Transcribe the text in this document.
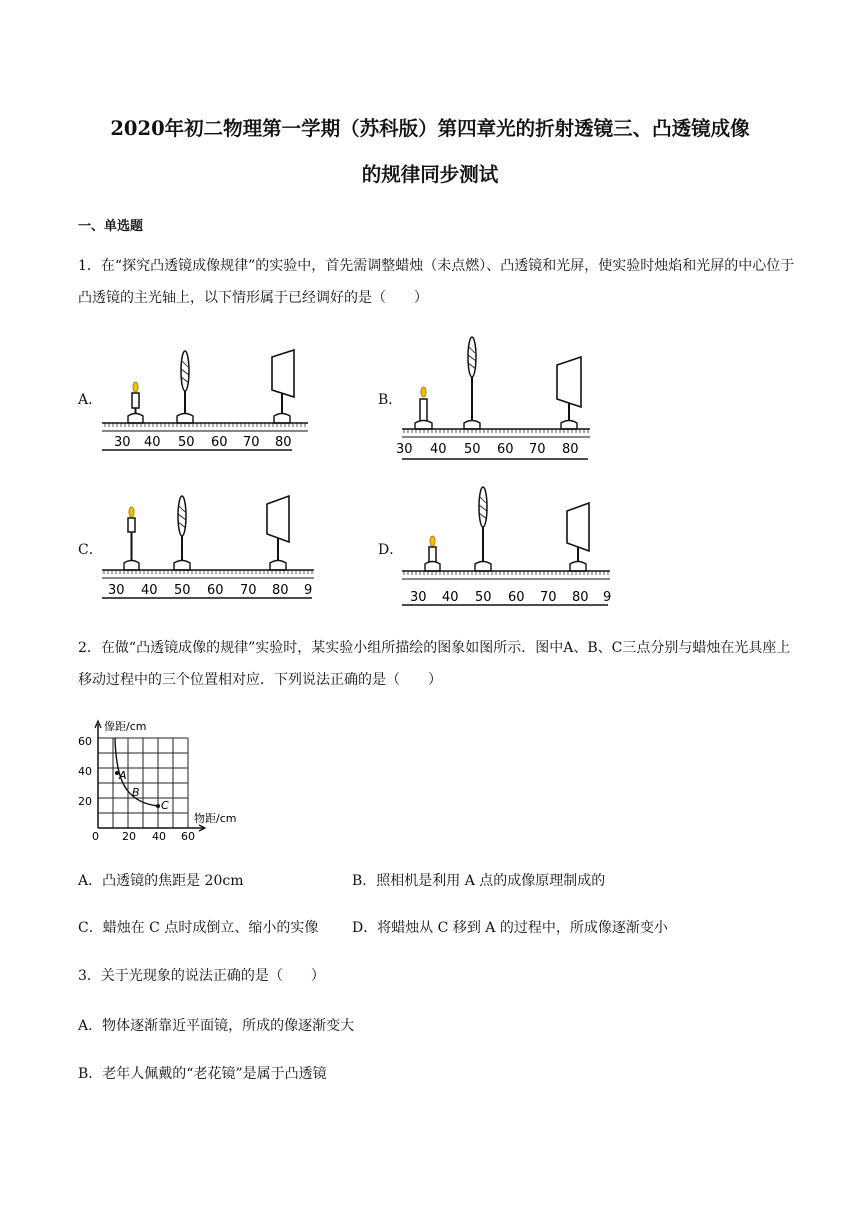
2020年初二物理第一学期（苏科版）第四章光的折射透镜三、凸透镜成像
的规律同步测试
一、单选题

1．在“探究凸透镜成像规律”的实验中，首先需调整蜡烛（未点燃）、凸透镜和光屏，使实验时烛焰和光屏的中心位于凸透镜的主光轴上，以下情形属于已经调好的是（　　）

A．	B．
C．	D．
30 40 50 60 70 80	30 40 50 60 70 80
30 40 50 60 70 80 9	30 40 50 60 70 80 9

2．在做“凸透镜成像的规律”实验时，某实验小组所描绘的图象如图所示．图中A、B、C三点分别与蜡烛在光具座上移动过程中的三个位置相对应．下列说法正确的是（　　）

A
B
C
像距/cm
物距/cm
60
40
20
0 20 40 60
A．凸透镜的焦距是 20cm	B．照相机是利用 A 点的成像原理制成的
C．蜡烛在 C 点时成倒立、缩小的实像 D．将蜡烛从 C 移到 A 的过程中，所成像逐渐变小
3．关于光现象的说法正确的是（　　）
A．物体逐渐靠近平面镜，所成的像逐渐变大
B．老年人佩戴的“老花镜”是属于凸透镜
